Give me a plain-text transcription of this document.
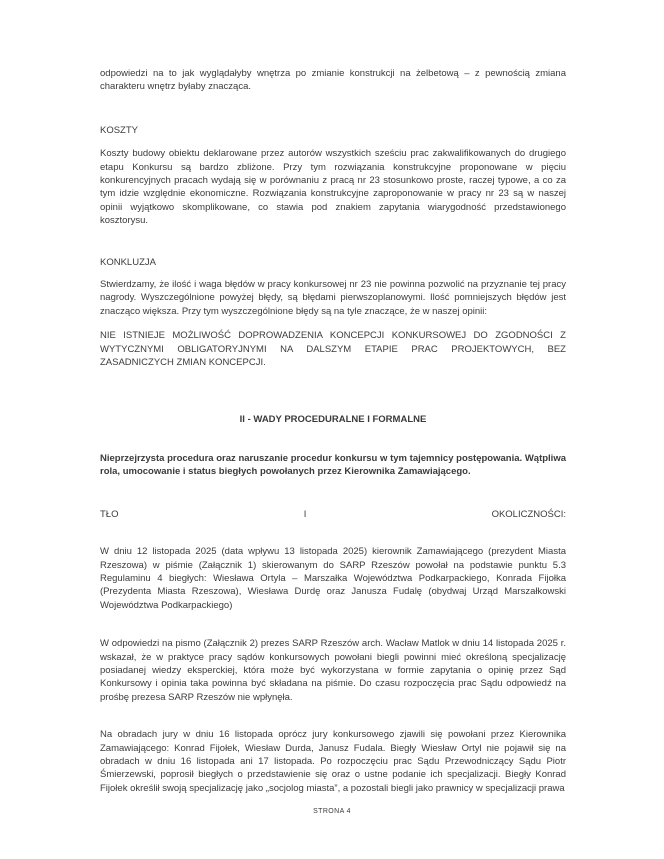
odpowiedzi na to jak wyglądałyby wnętrza po zmianie konstrukcji na żelbetową – z pewnością zmiana charakteru wnętrz byłaby znacząca.

KOSZTY

Koszty budowy obiektu deklarowane przez autorów wszystkich sześciu prac zakwalifikowanych do drugiego etapu Konkursu są bardzo zbliżone. Przy tym rozwiązania konstrukcyjne proponowane w pięciu konkurencyjnych pracach wydają się w porównaniu z pracą nr 23 stosunkowo proste, raczej typowe, a co za tym idzie względnie ekonomiczne. Rozwiązania konstrukcyjne zaproponowanie w pracy nr 23 są w naszej opinii wyjątkowo skomplikowane, co stawia pod znakiem zapytania wiarygodność przedstawionego kosztorysu.

KONKLUZJA

Stwierdzamy, że ilość i waga błędów w pracy konkursowej nr 23 nie powinna pozwolić na przyznanie tej pracy nagrody. Wyszczególnione powyżej błędy, są błędami pierwszoplanowymi. Ilość pomniejszych błędów jest znacząco większa. Przy tym wyszczególnione błędy są na tyle znaczące, że w naszej opinii:

NIE ISTNIEJE MOŻLIWOŚĆ DOPROWADZENIA KONCEPCJI KONKURSOWEJ DO ZGODNOŚCI Z WYTYCZNYMI OBLIGATORYJNYMI NA DALSZYM ETAPIE PRAC PROJEKTOWYCH, BEZ ZASADNICZYCH ZMIAN KONCEPCJI.

II - WADY PROCEDURALNE I FORMALNE

Nieprzejrzysta procedura oraz naruszanie procedur konkursu w tym tajemnicy postępowania. Wątpliwa rola, umocowanie i status biegłych powołanych przez Kierownika Zamawiającego.

TŁO	I	OKOLICZNOŚCI:

W dniu 12 listopada 2025 (data wpływu 13 listopada 2025) kierownik Zamawiającego (prezydent Miasta Rzeszowa) w piśmie (Załącznik 1) skierowanym do SARP Rzeszów powołał na podstawie punktu 5.3 Regulaminu 4 biegłych: Wiesława Ortyla – Marszałka Województwa Podkarpackiego, Konrada Fijołka (Prezydenta Miasta Rzeszowa), Wiesława Durdę oraz Janusza Fudalę (obydwaj Urząd Marszałkowski Województwa Podkarpackiego)

W odpowiedzi na pismo (Załącznik 2) prezes SARP Rzeszów arch. Wacław Matlok w dniu 14 listopada 2025 r. wskazał, że w praktyce pracy sądów konkursowych powołani biegli powinni mieć określoną specjalizację posiadanej wiedzy eksperckiej, która może być wykorzystana w formie zapytania o opinię przez Sąd Konkursowy i opinia taka powinna być składana na piśmie. Do czasu rozpoczęcia prac Sądu odpowiedź na prośbę prezesa SARP Rzeszów nie wpłynęła.

Na obradach jury w dniu 16 listopada oprócz jury konkursowego zjawili się powołani przez Kierownika Zamawiającego: Konrad Fijołek, Wiesław Durda, Janusz Fudala. Biegły Wiesław Ortyl nie pojawił się na obradach w dniu 16 listopada ani 17 listopada. Po rozpoczęciu prac Sądu Przewodniczący Sądu Piotr Śmierzewski, poprosił biegłych o przedstawienie się oraz o ustne podanie ich specjalizacji. Biegły Konrad Fijołek określił swoją specjalizację jako „socjolog miasta”, a pozostali biegli jako prawnicy w specjalizacji prawa

STRONA 4
